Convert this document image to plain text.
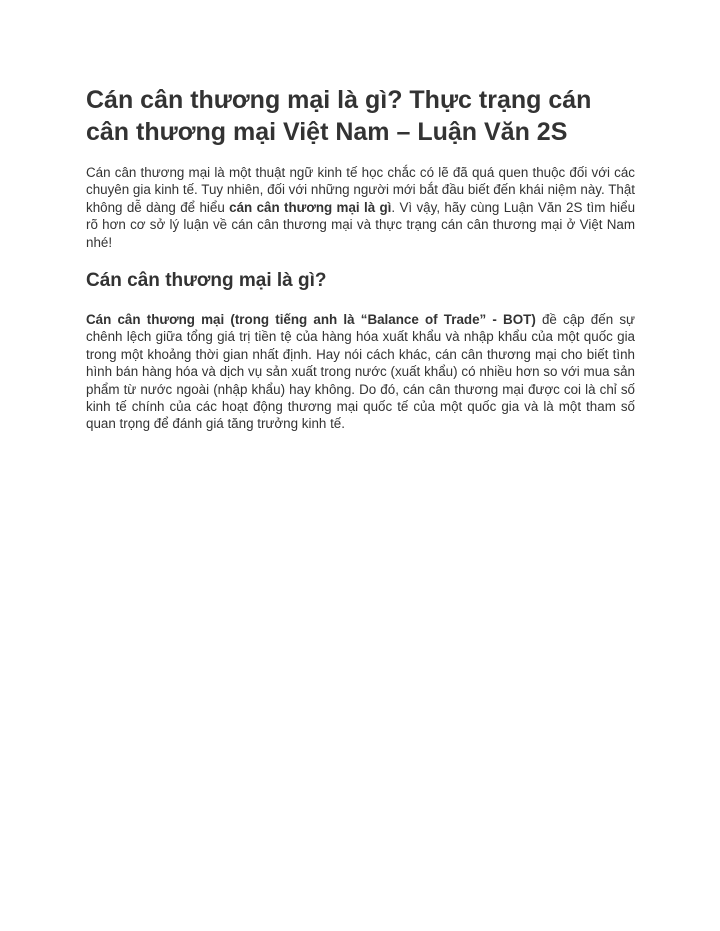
Cán cân thương mại là gì? Thực trạng cán cân thương mại Việt Nam – Luận Văn 2S

Cán cân thương mại là một thuật ngữ kinh tế học chắc có lẽ đã quá quen thuộc đối với các chuyên gia kinh tế. Tuy nhiên, đối với những người mới bắt đầu biết đến khái niệm này. Thật không dễ dàng để hiểu cán cân thương mại là gì. Vì vậy, hãy cùng Luận Văn 2S tìm hiểu rõ hơn cơ sở lý luận về cán cân thương mại và thực trạng cán cân thương mại ở Việt Nam nhé!

Cán cân thương mại là gì?

Cán cân thương mại (trong tiếng anh là “Balance of Trade” - BOT) đề cập đến sự chênh lệch giữa tổng giá trị tiền tệ của hàng hóa xuất khẩu và nhập khẩu của một quốc gia trong một khoảng thời gian nhất định. Hay nói cách khác, cán cân thương mại cho biết tình hình bán hàng hóa và dịch vụ sản xuất trong nước (xuất khẩu) có nhiều hơn so với mua sản phẩm từ nước ngoài (nhập khẩu) hay không. Do đó, cán cân thương mại được coi là chỉ số kinh tế chính của các hoạt động thương mại quốc tế của một quốc gia và là một tham số quan trọng để đánh giá tăng trưởng kinh tế.
